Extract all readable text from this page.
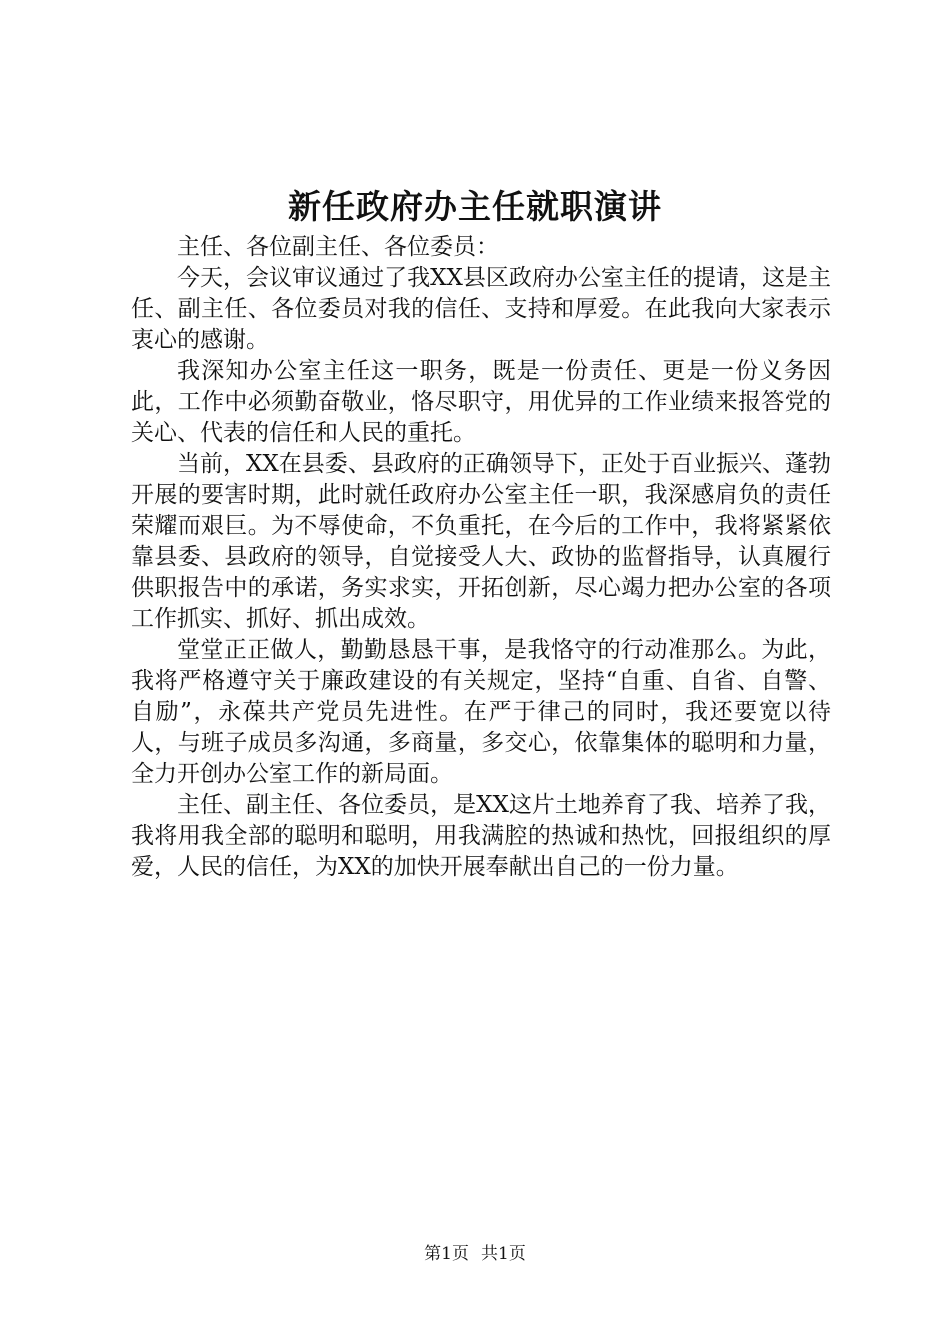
新任政府办主任就职演讲

主任、各位副主任、各位委员：

今天，会议审议通过了我XX县区政府办公室主任的提请，这是主任、副主任、各位委员对我的信任、支持和厚爱。在此我向大家表示衷心的感谢。

我深知办公室主任这一职务，既是一份责任、更是一份义务因此，工作中必须勤奋敬业，恪尽职守，用优异的工作业绩来报答党的关心、代表的信任和人民的重托。

当前，XX在县委、县政府的正确领导下，正处于百业振兴、蓬勃开展的要害时期，此时就任政府办公室主任一职，我深感肩负的责任荣耀而艰巨。为不辱使命，不负重托，在今后的工作中，我将紧紧依靠县委、县政府的领导，自觉接受人大、政协的监督指导，认真履行供职报告中的承诺，务实求实，开拓创新，尽心竭力把办公室的各项工作抓实、抓好、抓出成效。

堂堂正正做人，勤勤恳恳干事，是我恪守的行动准那么。为此，我将严格遵守关于廉政建设的有关规定，坚持“自重、自省、自警、自励”，永葆共产党员先进性。在严于律己的同时，我还要宽以待人，与班子成员多沟通，多商量，多交心，依靠集体的聪明和力量，全力开创办公室工作的新局面。

主任、副主任、各位委员，是XX这片土地养育了我、培养了我，我将用我全部的聪明和聪明，用我满腔的热诚和热忱，回报组织的厚爱，人民的信任，为XX的加快开展奉献出自己的一份力量。

第1页 共1页
